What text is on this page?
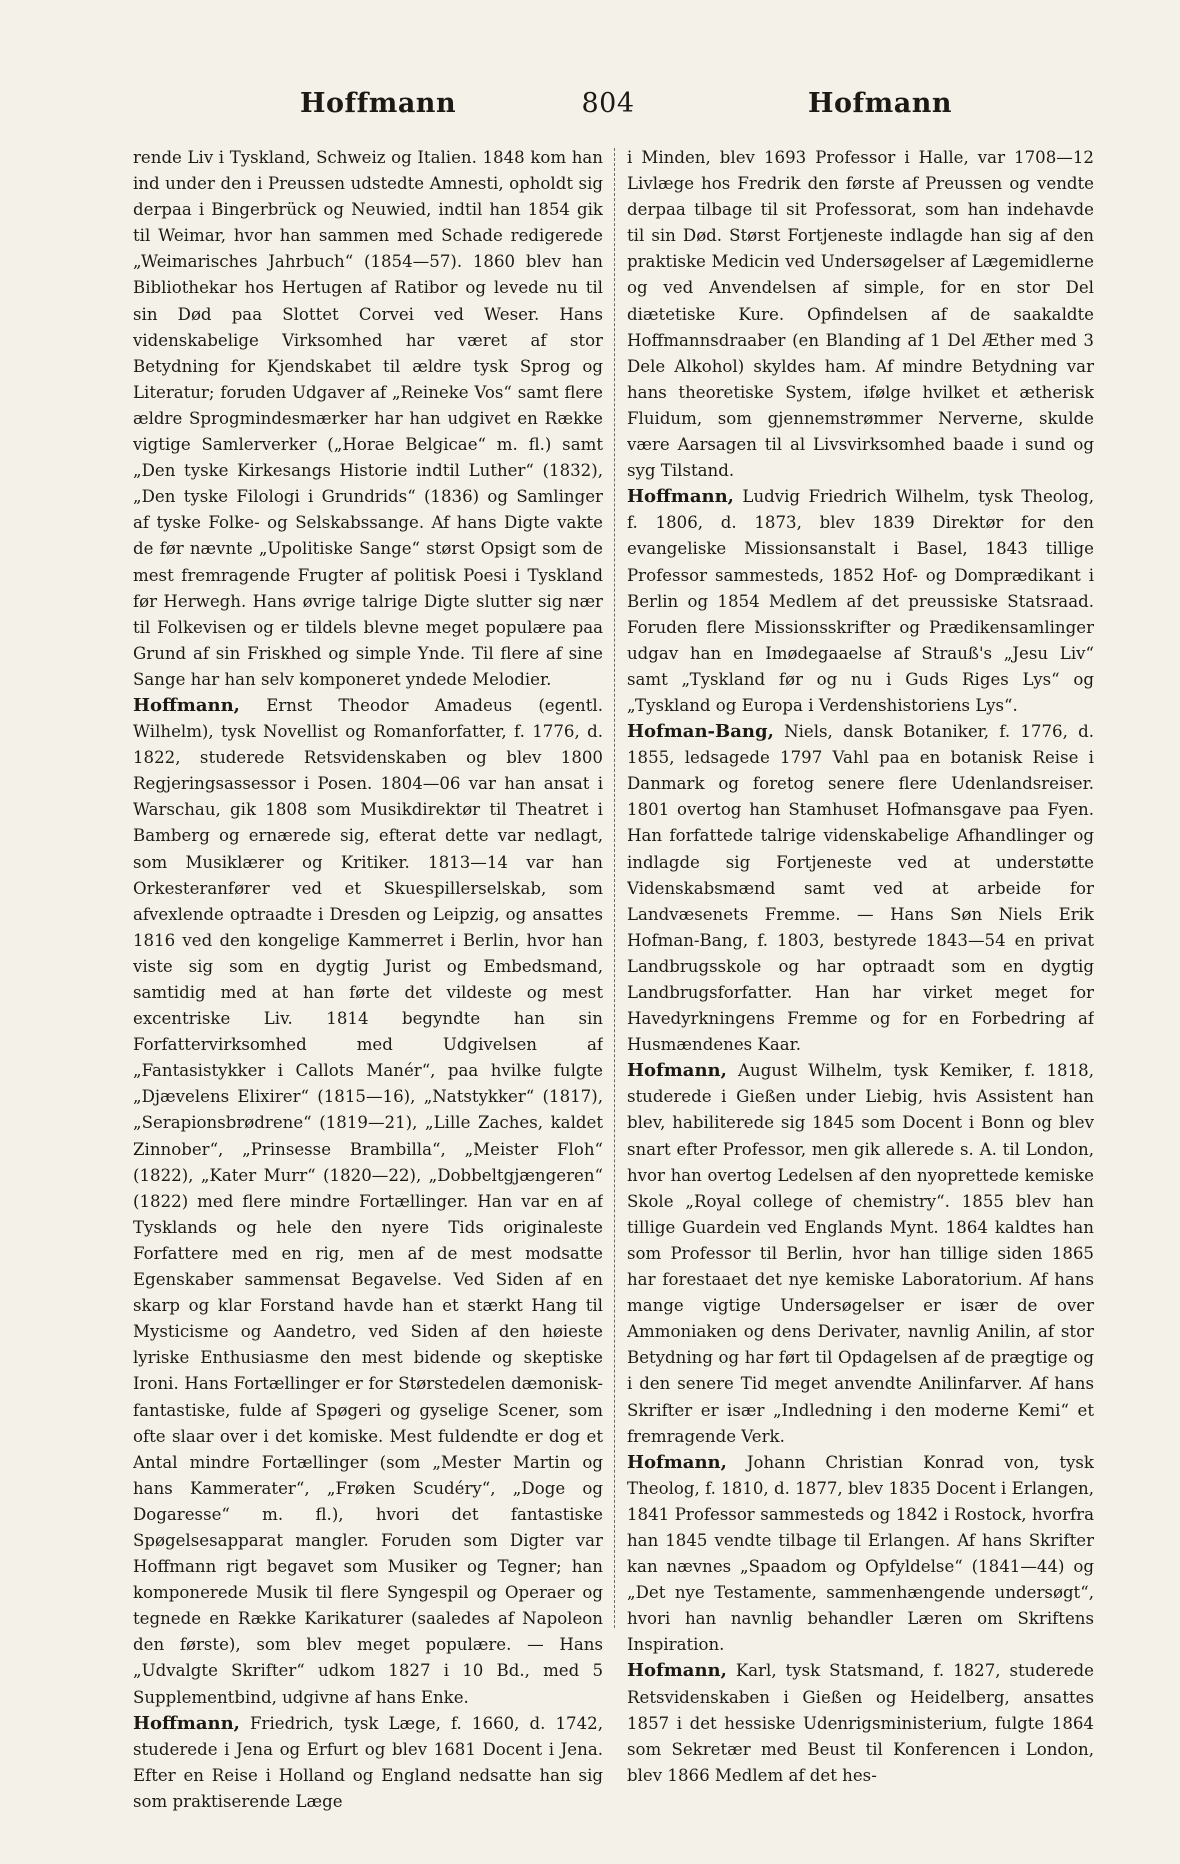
Hoffmann	804	Hofmann

rende Liv i Tyskland, Schweiz og Italien. 1848 kom han ind under den i Preussen udstedte Amnesti, opholdt sig derpaa i Bingerbrück og Neuwied, indtil han 1854 gik til Weimar, hvor han sammen med Schade redigerede „Weimarisches Jahrbuch“ (1854—57). 1860 blev han Bibliothekar hos Hertugen af Ratibor og levede nu til sin Død paa Slottet Corvei ved Weser. Hans videnskabelige Virksomhed har været af stor Betydning for Kjendskabet til ældre tysk Sprog og Literatur; foruden Udgaver af „Reineke Vos“ samt flere ældre Sprogmindesmærker har han udgivet en Række vigtige Samlerverker („Horae Belgicae“ m. fl.) samt „Den tyske Kirkesangs Historie indtil Luther“ (1832), „Den tyske Filologi i Grundrids“ (1836) og Samlinger af tyske Folke- og Selskabssange. Af hans Digte vakte de før nævnte „Upolitiske Sange“ størst Opsigt som de mest fremragende Frugter af politisk Poesi i Tyskland før Herwegh. Hans øvrige talrige Digte slutter sig nær til Folkevisen og er tildels blevne meget populære paa Grund af sin Friskhed og simple Ynde. Til flere af sine Sange har han selv komponeret yndede Melodier.

Hoffmann, Ernst Theodor Amadeus (egentl. Wilhelm), tysk Novellist og Romanforfatter, f. 1776, d. 1822, studerede Retsvidenskaben og blev 1800 Regjeringsassessor i Posen. 1804—06 var han ansat i Warschau, gik 1808 som Musikdirektør til Theatret i Bamberg og ernærede sig, efterat dette var nedlagt, som Musiklærer og Kritiker. 1813—14 var han Orkesteranfører ved et Skuespillerselskab, som afvexlende optraadte i Dresden og Leipzig, og ansattes 1816 ved den kongelige Kammerret i Berlin, hvor han viste sig som en dygtig Jurist og Embedsmand, samtidig med at han førte det vildeste og mest excentriske Liv. 1814 begyndte han sin Forfattervirksomhed med Udgivelsen af „Fantasistykker i Callots Manér“, paa hvilke fulgte „Djævelens Elixirer“ (1815—16), „Natstykker“ (1817), „Serapionsbrødrene“ (1819—21), „Lille Zaches, kaldet Zinnober“, „Prinsesse Brambilla“, „Meister Floh“ (1822), „Kater Murr“ (1820—22), „Dobbeltgjængeren“ (1822) med flere mindre Fortællinger. Han var en af Tysklands og hele den nyere Tids originaleste Forfattere med en rig, men af de mest modsatte Egenskaber sammensat Begavelse. Ved Siden af en skarp og klar Forstand havde han et stærkt Hang til Mysticisme og Aandetro, ved Siden af den høieste lyriske Enthusiasme den mest bidende og skeptiske Ironi. Hans Fortællinger er for Størstedelen dæmonisk-fantastiske, fulde af Spøgeri og gyselige Scener, som ofte slaar over i det komiske. Mest fuldendte er dog et Antal mindre Fortællinger (som „Mester Martin og hans Kammerater“, „Frøken Scudéry“, „Doge og Dogaresse“ m. fl.), hvori det fantastiske Spøgelsesapparat mangler. Foruden som Digter var Hoffmann rigt begavet som Musiker og Tegner; han komponerede Musik til flere Syngespil og Operaer og tegnede en Række Karikaturer (saaledes af Napoleon den første), som blev meget populære. — Hans „Udvalgte Skrifter“ udkom 1827 i 10 Bd., med 5 Supplementbind, udgivne af hans Enke.

Hoffmann, Friedrich, tysk Læge, f. 1660, d. 1742, studerede i Jena og Erfurt og blev 1681 Docent i Jena. Efter en Reise i Holland og England nedsatte han sig som praktiserende Læge

i Minden, blev 1693 Professor i Halle, var 1708—12 Livlæge hos Fredrik den første af Preussen og vendte derpaa tilbage til sit Professorat, som han indehavde til sin Død. Størst Fortjeneste indlagde han sig af den praktiske Medicin ved Undersøgelser af Lægemidlerne og ved Anvendelsen af simple, for en stor Del diætetiske Kure. Opfindelsen af de saakaldte Hoffmannsdraaber (en Blanding af 1 Del Æther med 3 Dele Alkohol) skyldes ham. Af mindre Betydning var hans theoretiske System, ifølge hvilket et ætherisk Fluidum, som gjennemstrømmer Nerverne, skulde være Aarsagen til al Livsvirksomhed baade i sund og syg Tilstand.

Hoffmann, Ludvig Friedrich Wilhelm, tysk Theolog, f. 1806, d. 1873, blev 1839 Direktør for den evangeliske Missionsanstalt i Basel, 1843 tillige Professor sammesteds, 1852 Hof- og Domprædikant i Berlin og 1854 Medlem af det preussiske Statsraad. Foruden flere Missionsskrifter og Prædikensamlinger udgav han en Imødegaaelse af Strauß's „Jesu Liv“ samt „Tyskland før og nu i Guds Riges Lys“ og „Tyskland og Europa i Verdenshistoriens Lys“.

Hofman-Bang, Niels, dansk Botaniker, f. 1776, d. 1855, ledsagede 1797 Vahl paa en botanisk Reise i Danmark og foretog senere flere Udenlandsreiser. 1801 overtog han Stamhuset Hofmansgave paa Fyen. Han forfattede talrige videnskabelige Afhandlinger og indlagde sig Fortjeneste ved at understøtte Videnskabsmænd samt ved at arbeide for Landvæsenets Fremme. — Hans Søn Niels Erik Hofman-Bang, f. 1803, bestyrede 1843—54 en privat Landbrugsskole og har optraadt som en dygtig Landbrugsforfatter. Han har virket meget for Havedyrkningens Fremme og for en Forbedring af Husmændenes Kaar.

Hofmann, August Wilhelm, tysk Kemiker, f. 1818, studerede i Gießen under Liebig, hvis Assistent han blev, habiliterede sig 1845 som Docent i Bonn og blev snart efter Professor, men gik allerede s. A. til London, hvor han overtog Ledelsen af den nyoprettede kemiske Skole „Royal college of chemistry“. 1855 blev han tillige Guardein ved Englands Mynt. 1864 kaldtes han som Professor til Berlin, hvor han tillige siden 1865 har forestaaet det nye kemiske Laboratorium. Af hans mange vigtige Undersøgelser er især de over Ammoniaken og dens Derivater, navnlig Anilin, af stor Betydning og har ført til Opdagelsen af de prægtige og i den senere Tid meget anvendte Anilinfarver. Af hans Skrifter er især „Indledning i den moderne Kemi“ et fremragende Verk.

Hofmann, Johann Christian Konrad von, tysk Theolog, f. 1810, d. 1877, blev 1835 Docent i Erlangen, 1841 Professor sammesteds og 1842 i Rostock, hvorfra han 1845 vendte tilbage til Erlangen. Af hans Skrifter kan nævnes „Spaadom og Opfyldelse“ (1841—44) og „Det nye Testamente, sammenhængende undersøgt“, hvori han navnlig behandler Læren om Skriftens Inspiration.

Hofmann, Karl, tysk Statsmand, f. 1827, studerede Retsvidenskaben i Gießen og Heidelberg, ansattes 1857 i det hessiske Udenrigsministerium, fulgte 1864 som Sekretær med Beust til Konferencen i London, blev 1866 Medlem af det hes-
